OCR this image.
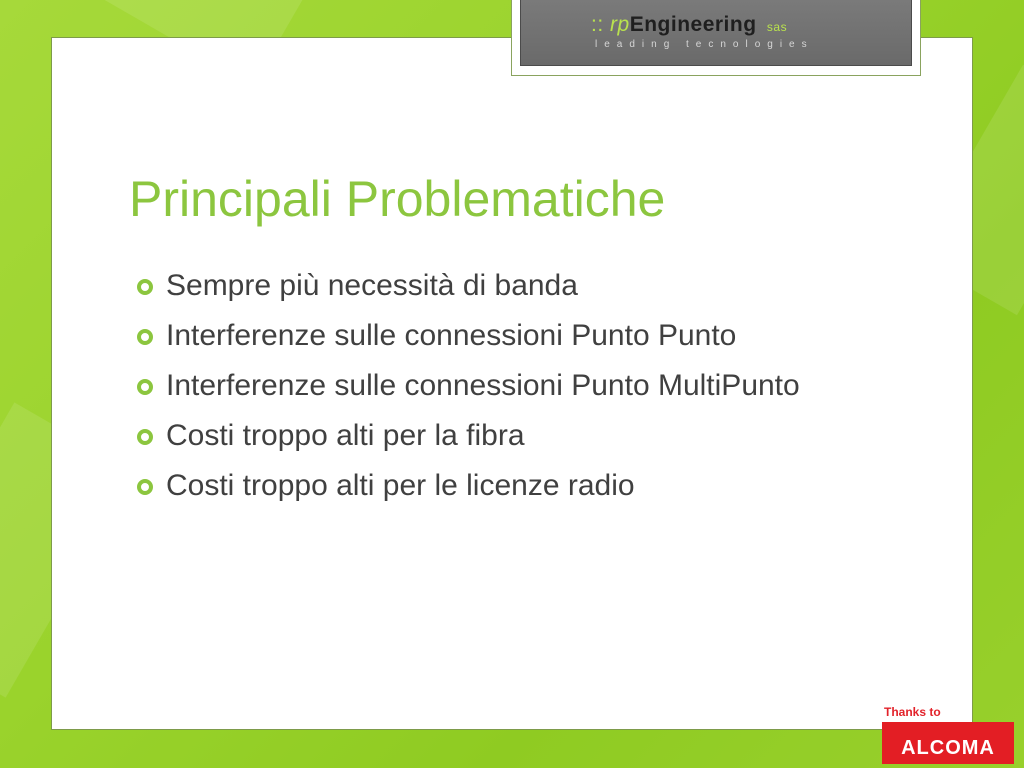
:: rpEngineering sas
leading tecnologies
Principali Problematiche
Sempre più necessità di banda
Interferenze sulle connessioni Punto Punto
Interferenze sulle connessioni Punto MultiPunto
Costi troppo alti per la fibra
Costi troppo alti per le licenze radio
Thanks to
ALCOMA
